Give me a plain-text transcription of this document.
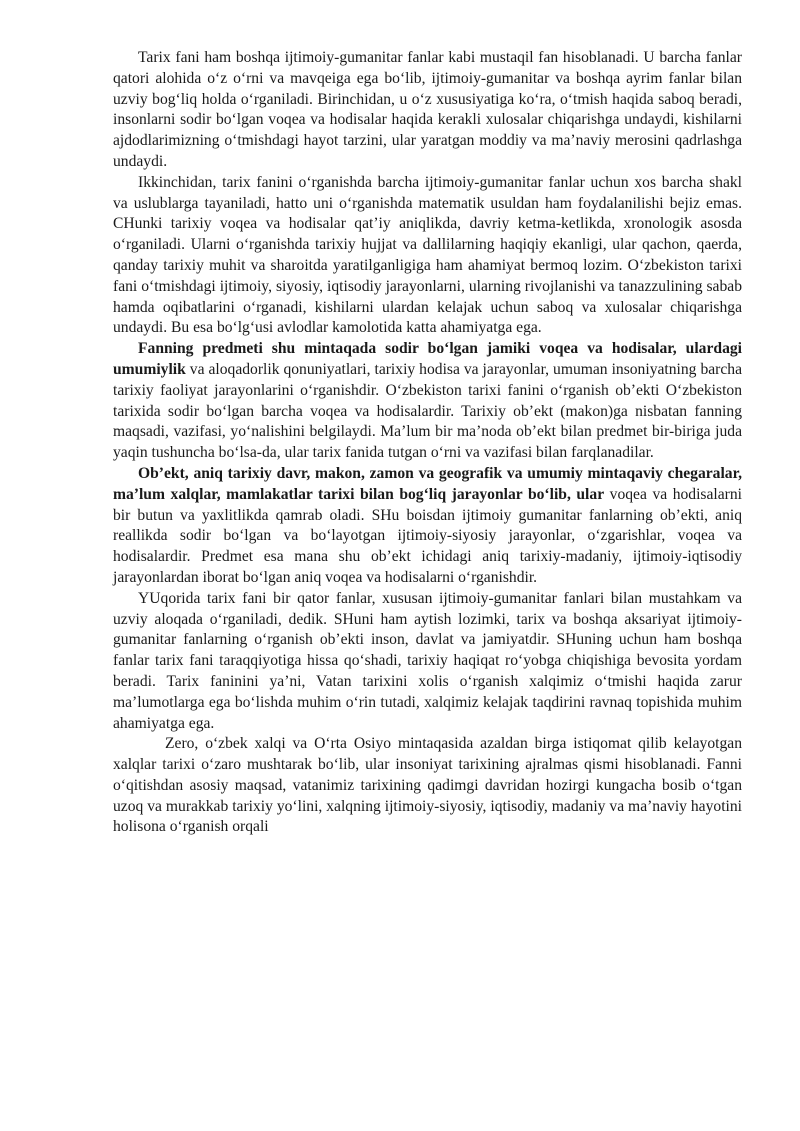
Tarix fani ham boshqa ijtimoiy-gumanitar fanlar kabi mustaqil fan hisoblanadi. U barcha fanlar qatori alohida o‘z o‘rni va mavqeiga ega bo‘lib, ijtimoiy-gumanitar va boshqa ayrim fanlar bilan uzviy bog‘liq holda o‘rganiladi. Birinchidan, u o‘z xususiyatiga ko‘ra, o‘tmish haqida saboq beradi, insonlarni sodir bo‘lgan voqea va hodisalar haqida kerakli xulosalar chiqarishga undaydi, kishilarni ajdodlarimizning o‘tmishdagi hayot tarzini, ular yaratgan moddiy va ma’naviy merosini qadrlashga undaydi.

Ikkinchidan, tarix fanini o‘rganishda barcha ijtimoiy-gumanitar fanlar uchun xos barcha shakl va uslublarga tayaniladi, hatto uni o‘rganishda matematik usuldan ham foydalanilishi bejiz emas. CHunki tarixiy voqea va hodisalar qat’iy aniqlikda, davriy ketma-ketlikda, xronologik asosda o‘rganiladi. Ularni o‘rganishda tarixiy hujjat va dallilarning haqiqiy ekanligi, ular qachon, qaerda, qanday tarixiy muhit va sharoitda yaratilganligiga ham ahamiyat bermoq lozim. O‘zbekiston tarixi fani o‘tmishdagi ijtimoiy, siyosiy, iqtisodiy jarayonlarni, ularning rivojlanishi va tanazzulining sabab hamda oqibatlarini o‘rganadi, kishilarni ulardan kelajak uchun saboq va xulosalar chiqarishga undaydi. Bu esa bo‘lg‘usi avlodlar kamolotida katta ahamiyatga ega.

Fanning predmeti shu mintaqada sodir bo‘lgan jamiki voqea va hodisalar, ulardagi umumiylik va aloqadorlik qonuniyatlari, tarixiy hodisa va jarayonlar, umuman insoniyatning barcha tarixiy faoliyat jarayonlarini o‘rganishdir. O‘zbekiston tarixi fanini o‘rganish ob’ekti O‘zbekiston tarixida sodir bo‘lgan barcha voqea va hodisalardir. Tarixiy ob’ekt (makon)ga nisbatan fanning maqsadi, vazifasi, yo‘nalishini belgilaydi. Ma’lum bir ma’noda ob’ekt bilan predmet bir-biriga juda yaqin tushuncha bo‘lsa-da, ular tarix fanida tutgan o‘rni va vazifasi bilan farqlanadilar.

Ob’ekt, aniq tarixiy davr, makon, zamon va geografik va umumiy mintaqaviy chegaralar, ma’lum xalqlar, mamlakatlar tarixi bilan bog‘liq jarayonlar bo‘lib, ular voqea va hodisalarni bir butun va yaxlitlikda qamrab oladi. SHu boisdan ijtimoiy gumanitar fanlarning ob’ekti, aniq reallikda sodir bo‘lgan va bo‘layotgan ijtimoiy-siyosiy jarayonlar, o‘zgarishlar, voqea va hodisalardir. Predmet esa mana shu ob’ekt ichidagi aniq tarixiy-madaniy, ijtimoiy-iqtisodiy jarayonlardan iborat bo‘lgan aniq voqea va hodisalarni o‘rganishdir.

YUqorida tarix fani bir qator fanlar, xususan ijtimoiy-gumanitar fanlari bilan mustahkam va uzviy aloqada o‘rganiladi, dedik. SHuni ham aytish lozimki, tarix va boshqa aksariyat ijtimoiy- gumanitar fanlarning o‘rganish ob’ekti inson, davlat va jamiyatdir. SHuning uchun ham boshqa fanlar tarix fani taraqqiyotiga hissa qo‘shadi, tarixiy haqiqat ro‘yobga chiqishiga bevosita yordam beradi. Tarix faninini ya’ni, Vatan tarixini xolis o‘rganish xalqimiz o‘tmishi haqida zarur ma’lumotlarga ega bo‘lishda muhim o‘rin tutadi, xalqimiz kelajak taqdirini ravnaq topishida muhim ahamiyatga ega.

Zero, o‘zbek xalqi va O‘rta Osiyo mintaqasida azaldan birga istiqomat qilib kelayotgan xalqlar tarixi o‘zaro mushtarak bo‘lib, ular insoniyat tarixining ajralmas qismi hisoblanadi. Fanni o‘qitishdan asosiy maqsad, vatanimiz tarixining qadimgi davridan hozirgi kungacha bosib o‘tgan uzoq va murakkab tarixiy yo‘lini, xalqning ijtimoiy-siyosiy, iqtisodiy, madaniy va ma’naviy hayotini holisona o‘rganish orqali
